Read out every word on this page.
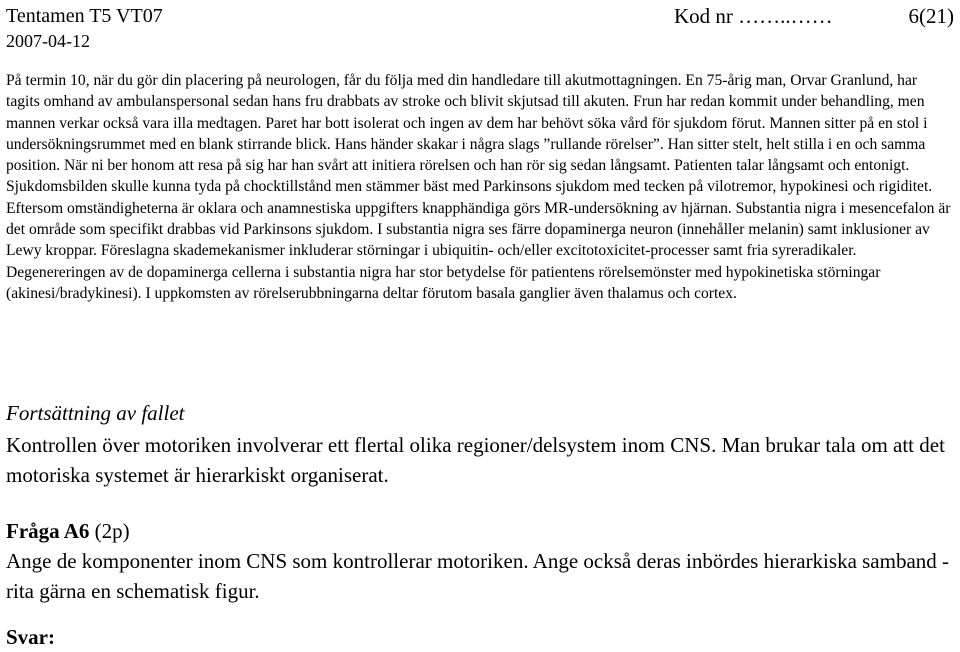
Tentamen T5 VT07
2007-04-12
Kod nr ……..……	6(21)

På termin 10, när du gör din placering på neurologen, får du följa med din handledare till akutmottagningen. En 75-årig man, Orvar Granlund, har tagits omhand av ambulanspersonal sedan hans fru drabbats av stroke och blivit skjutsad till akuten. Frun har redan kommit under behandling, men mannen verkar också vara illa medtagen. Paret har bott isolerat och ingen av dem har behövt söka vård för sjukdom förut. Mannen sitter på en stol i undersökningsrummet med en blank stirrande blick. Hans händer skakar i några slags ”rullande rörelser”. Han sitter stelt, helt stilla i en och samma position. När ni ber honom att resa på sig har han svårt att initiera rörelsen och han rör sig sedan långsamt. Patienten talar långsamt och entonigt. Sjukdomsbilden skulle kunna tyda på chocktillstånd men stämmer bäst med Parkinsons sjukdom med tecken på vilotremor, hypokinesi och rigiditet. Eftersom omständigheterna är oklara och anamnestiska uppgifters knapphändiga görs MR-undersökning av hjärnan. Substantia nigra i mesencefalon är det område som specifikt drabbas vid Parkinsons sjukdom. I substantia nigra ses färre dopaminerga neuron (innehåller melanin) samt inklusioner av Lewy kroppar. Föreslagna skademekanismer inkluderar störningar i ubiquitin- och/eller excitotoxicitet-processer samt fria syreradikaler. Degenereringen av de dopaminerga cellerna i substantia nigra har stor betydelse för patientens rörelsemönster med hypokinetiska störningar (akinesi/bradykinesi). I uppkomsten av rörelserubbningarna deltar förutom basala ganglier även thalamus och cortex.

Fortsättning av fallet

Kontrollen över motoriken involverar ett flertal olika regioner/delsystem inom CNS. Man brukar tala om att det motoriska systemet är hierarkiskt organiserat.

Fråga A6 (2p)

Ange de komponenter inom CNS som kontrollerar motoriken. Ange också deras inbördes hierarkiska samband - rita gärna en schematisk figur.

Svar:
